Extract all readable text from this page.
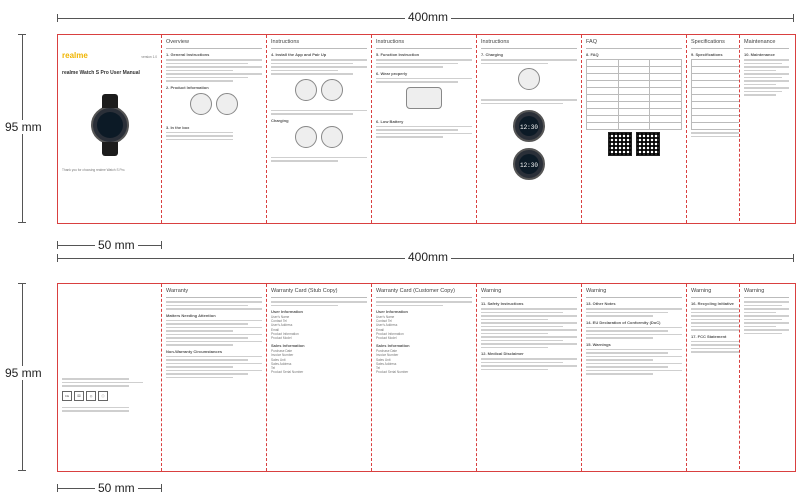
400mm
95 mm
50 mm
realme	version 1.0
realme Watch S Pro User Manual
Thank you for choosing realme Watch S Pro.
Overview
1. General Instructions
2. Product Information
3. In the box
Instructions
4. Install the App and Pair Up
Charging
Instructions
5. Function Instruction
6. Wear properly
6. Low Battery
Instructions
7. Charging
12:30
12:30
FAQ
8. FAQ

Specifications
9. Specifications

Maintenance
10. Maintenance
400mm
95 mm
50 mm
CE	⌧	◎	ⓘ
Warranty
Matters Needing Attention
Non-Warranty Circumstances
Warranty Card (Stub Copy)
User Information
User's Name
Contact Tel
User's Address
Email
Product Information
Product Model
Sales Information
Purchase Date
Invoice Number
Sales Unit
Sales Address
Tel
Product Serial Number
Warranty Card (Customer Copy)
User Information
User's Name
Contact Tel
User's Address
Email
Product Information
Product Model
Sales Information
Purchase Date
Invoice Number
Sales Unit
Sales Address
Tel
Product Serial Number
Warning
11. Safety Instructions
12. Medical Disclaimer
Warning
13. Other Notes
14. EU Declaration of Conformity (DoC)
15. Warnings
Warning
16. Recycling Initiative
17. FCC Statement
Warning
